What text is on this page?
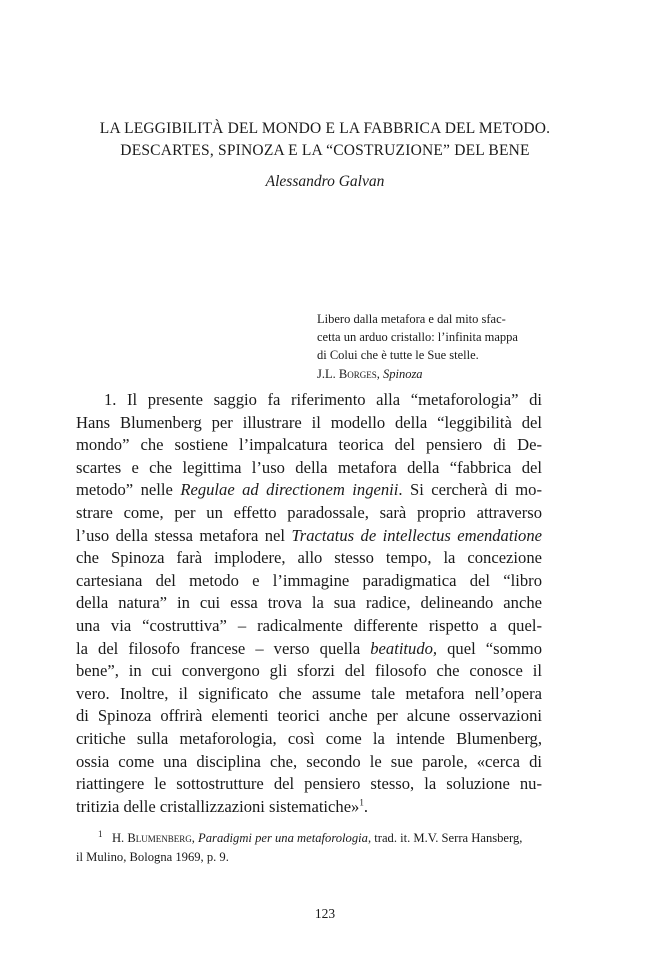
LA LEGGIBILITÀ DEL MONDO E LA FABBRICA DEL METODO.
DESCARTES, SPINOZA E LA “COSTRUZIONE” DEL BENE
Alessandro Galvan
Libero dalla metafora e dal mito sfac-
cetta un arduo cristallo: l’infinita mappa
di Colui che è tutte le Sue stelle.
J.L. Borges, Spinoza
1. Il presente saggio fa riferimento alla “metaforologia” di
Hans Blumenberg per illustrare il modello della “leggibilità del
mondo” che sostiene l’impalcatura teorica del pensiero di De-
scartes e che legittima l’uso della metafora della “fabbrica del
metodo” nelle Regulae ad directionem ingenii. Si cercherà di mo-
strare come, per un effetto paradossale, sarà proprio attraverso
l’uso della stessa metafora nel Tractatus de intellectus emendatione
che Spinoza farà implodere, allo stesso tempo, la concezione
cartesiana del metodo e l’immagine paradigmatica del “libro
della natura” in cui essa trova la sua radice, delineando anche
una via “costruttiva” – radicalmente differente rispetto a quel-
la del filosofo francese – verso quella beatitudo, quel “sommo
bene”, in cui convergono gli sforzi del filosofo che conosce il
vero. Inoltre, il significato che assume tale metafora nell’opera
di Spinoza offrirà elementi teorici anche per alcune osservazioni
critiche sulla metaforologia, così come la intende Blumenberg,
ossia come una disciplina che, secondo le sue parole, «cerca di
riattingere le sottostrutture del pensiero stesso, la soluzione nu-
tritizia delle cristallizzazioni sistematiche»$^1$.
$^1$ H. Blumenberg, Paradigmi per una metaforologia, trad. it. M.V. Serra Hansberg,
il Mulino, Bologna 1969, p. 9.
123
